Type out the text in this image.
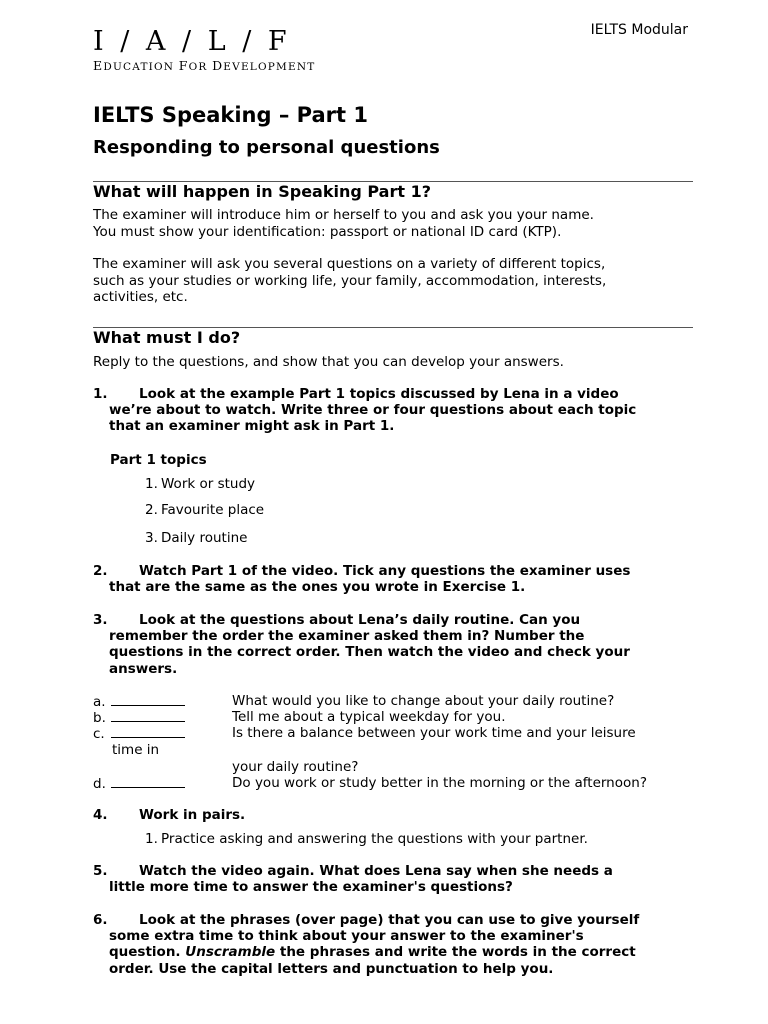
IELTS Modular
I / A / L / F
EDUCATION FOR DEVELOPMENT
IELTS Speaking – Part 1
Responding to personal questions
What will happen in Speaking Part 1?
The examiner will introduce him or herself to you and ask you your name.
You must show your identification: passport or national ID card (KTP).
The examiner will ask you several questions on a variety of different topics,
such as your studies or working life, your family, accommodation, interests,
activities, etc.
What must I do?
Reply to the questions, and show that you can develop your answers.
1. Look at the example Part 1 topics discussed by Lena in a video
we’re about to watch. Write three or four questions about each topic
that an examiner might ask in Part 1.
Part 1 topics
1. Work or study
2. Favourite place
3. Daily routine
2. Watch Part 1 of the video. Tick any questions the examiner uses
that are the same as the ones you wrote in Exercise 1.
3. Look at the questions about Lena’s daily routine. Can you
remember the order the examiner asked them in? Number the
questions in the correct order. Then watch the video and check your
answers.
a.	What would you like to change about your daily routine?
b.	Tell me about a typical weekday for you.
c.	Is there a balance between your work time and your leisure
time in
your daily routine?
d.	Do you work or study better in the morning or the afternoon?
4. Work in pairs.
1. Practice asking and answering the questions with your partner.
5. Watch the video again. What does Lena say when she needs a
little more time to answer the examiner's questions?
6. Look at the phrases (over page) that you can use to give yourself
some extra time to think about your answer to the examiner's
question. Unscramble the phrases and write the words in the correct
order. Use the capital letters and punctuation to help you.
